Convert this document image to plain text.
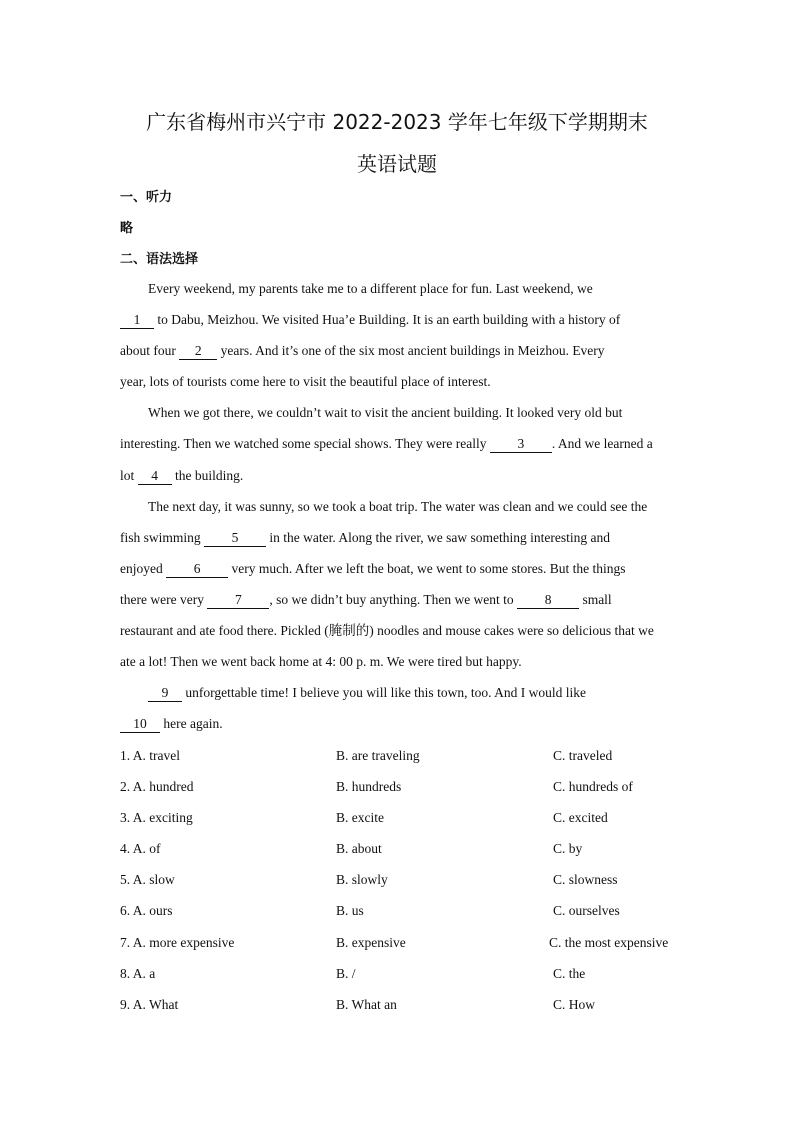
广东省梅州市兴宁市 2022-2023 学年七年级下学期期末
英语试题
一、听力
略
二、语法选择
Every weekend, my parents take me to a different place for fun. Last weekend, we
1 to Dabu, Meizhou. We visited Hua’e Building. It is an earth building with a history of
about four 2 years. And it’s one of the six most ancient buildings in Meizhou. Every
year, lots of tourists come here to visit the beautiful place of interest.
When we got there, we couldn’t wait to visit the ancient building. It looked very old but
interesting. Then we watched some special shows. They were really 3 . And we learned a
lot 4 the building.
The next day, it was sunny, so we took a boat trip. The water was clean and we could see the
fish swimming 5 in the water. Along the river, we saw something interesting and
enjoyed 6 very much. After we left the boat, we went to some stores. But the things
there were very 7 , so we didn’t buy anything. Then we went to 8 small
restaurant and ate food there. Pickled (腌制的) noodles and mouse cakes were so delicious that we
ate a lot! Then we went back home at 4: 00 p. m. We were tired but happy.
9 unforgettable time! I believe you will like this town, too. And I would like
10 here again.
1. A. travel	B. are traveling	C. traveled
2. A. hundred	B. hundreds	C. hundreds of
3. A. exciting	B. excite	C. excited
4. A. of	B. about	C. by
5. A. slow	B. slowly	C. slowness
6. A. ours	B. us	C. ourselves
7. A. more expensive	B. expensive	C. the most expensive
8. A. a	B. /	C. the
9. A. What	B. What an	C. How
